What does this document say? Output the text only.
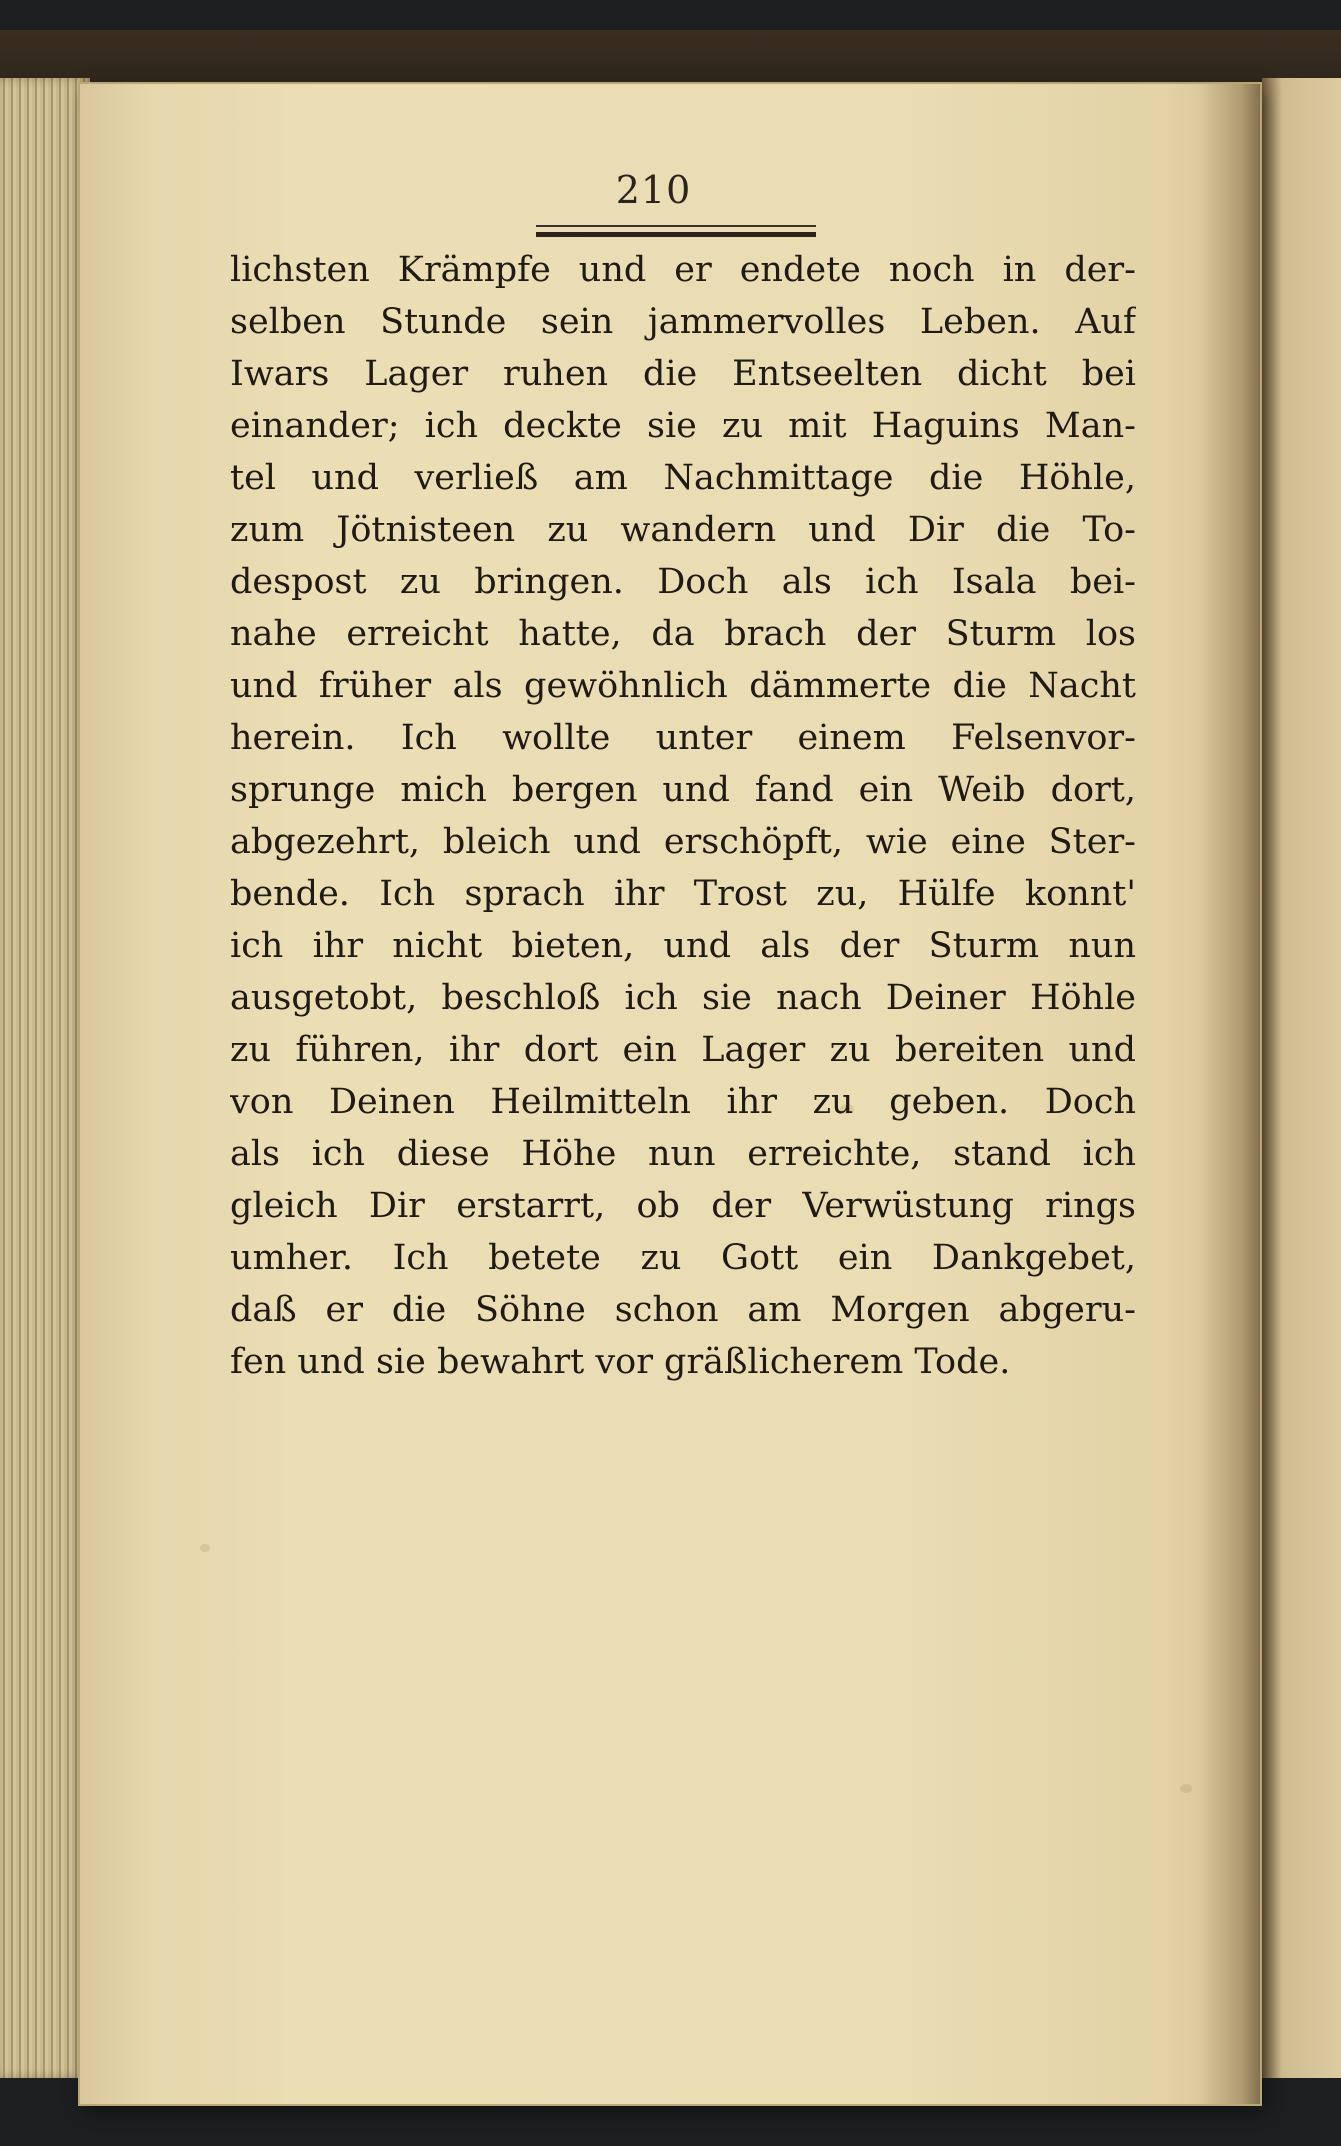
210
lichsten Krämpfe und er endete noch in der-
selben Stunde sein jammervolles Leben. Auf
Iwars Lager ruhen die Entseelten dicht bei
einander; ich deckte sie zu mit Haguins Man-
tel und verließ am Nachmittage die Höhle,
zum Jötnisteen zu wandern und Dir die To-
despost zu bringen. Doch als ich Isala bei-
nahe erreicht hatte, da brach der Sturm los
und früher als gewöhnlich dämmerte die Nacht
herein. Ich wollte unter einem Felsenvor-
sprunge mich bergen und fand ein Weib dort,
abgezehrt, bleich und erschöpft, wie eine Ster-
bende. Ich sprach ihr Trost zu, Hülfe konnt'
ich ihr nicht bieten, und als der Sturm nun
ausgetobt, beschloß ich sie nach Deiner Höhle
zu führen, ihr dort ein Lager zu bereiten und
von Deinen Heilmitteln ihr zu geben. Doch
als ich diese Höhe nun erreichte, stand ich
gleich Dir erstarrt, ob der Verwüstung rings
umher. Ich betete zu Gott ein Dankgebet,
daß er die Söhne schon am Morgen abgeru-
fen und sie bewahrt vor gräßlicherem Tode.
